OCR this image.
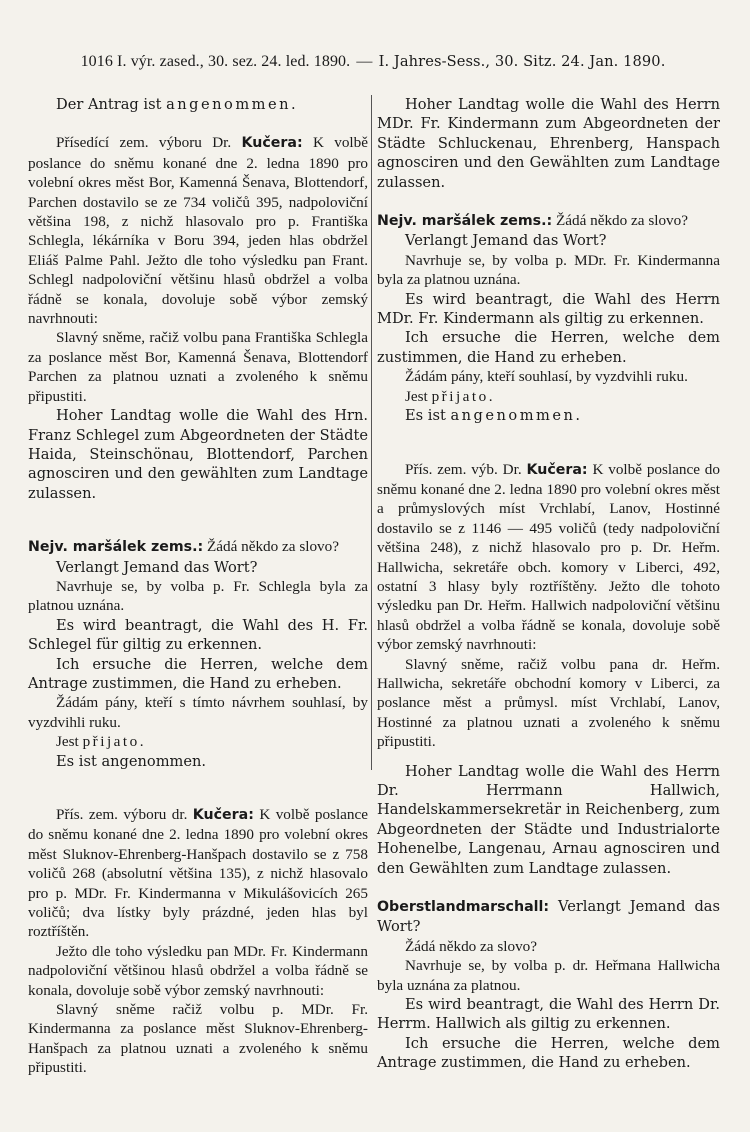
1016 I. výr. zased., 30. sez. 24. led. 1890. — I. Jahres-Sess., 30. Sitz. 24. Jan. 1890.

Der Antrag ist angenommen.

Přísedící zem. výboru Dr. Kučera: K volbě poslance do sněmu konané dne 2. ledna 1890 pro volební okres měst Bor, Kamenná Šenava, Blottendorf, Parchen dostavilo se ze 734 voličů 395, nadpoloviční většina 198, z nichž hlasovalo pro p. Františka Schlegla, lékárníka v Boru 394, jeden hlas obdržel Eliáš Palme Pahl. Ježto dle toho výsledku pan Frant. Schlegl nadpoloviční většinu hlasů obdržel a volba řádně se konala, dovoluje sobě výbor zemský navrhnouti:

Slavný sněme, račiž volbu pana Františka Schlegla za poslance měst Bor, Kamenná Šenava, Blottendorf Parchen za platnou uznati a zvoleného k sněmu připustiti.

Hoher Landtag wolle die Wahl des Hrn. Franz Schlegel zum Abgeordneten der Städte Haida, Steinschönau, Blottendorf, Parchen agnosciren und den gewählten zum Landtage zulassen.

Nejv. maršálek zems.: Žádá někdo za slovo?

Verlangt Jemand das Wort?

Navrhuje se, by volba p. Fr. Schlegla byla za platnou uznána.

Es wird beantragt, die Wahl des H. Fr. Schlegel für giltig zu erkennen.

Ich ersuche die Herren, welche dem Antrage zustimmen, die Hand zu erheben.

Žádám pány, kteří s tímto návrhem souhlasí, by vyzdvihli ruku.

Jest přijato.

Es ist angenommen.

Přís. zem. výboru dr. Kučera: K volbě poslance do sněmu konané dne 2. ledna 1890 pro volební okres měst Sluknov-Ehrenberg-Hanšpach dostavilo se z 758 voličů 268 (absolutní většina 135), z nichž hlasovalo pro p. MDr. Fr. Kindermanna v Mikulášovicích 265 voličů; dva lístky byly prázdné, jeden hlas byl roztříštěn.

Ježto dle toho výsledku pan MDr. Fr. Kindermann nadpoloviční většinou hlasů obdržel a volba řádně se konala, dovoluje sobě výbor zemský navrhnouti:

Slavný sněme račiž volbu p. MDr. Fr. Kindermanna za poslance měst Sluknov-Ehrenberg-Hanšpach za platnou uznati a zvoleného k sněmu připustiti.

Hoher Landtag wolle die Wahl des Herrn MDr. Fr. Kindermann zum Abgeordneten der Städte Schluckenau, Ehrenberg, Hanspach agnosciren und den Gewählten zum Landtage zulassen.

Nejv. maršálek zems.: Žádá někdo za slovo?

Verlangt Jemand das Wort?

Navrhuje se, by volba p. MDr. Fr. Kindermanna byla za platnou uznána.

Es wird beantragt, die Wahl des Herrn MDr. Fr. Kindermann als giltig zu erkennen.

Ich ersuche die Herren, welche dem zustimmen, die Hand zu erheben.

Žádám pány, kteří souhlasí, by vyzdvihli ruku.

Jest přijato.

Es ist angenommen.

Přís. zem. výb. Dr. Kučera: K volbě poslance do sněmu konané dne 2. ledna 1890 pro volební okres měst a průmyslových míst Vrchlabí, Lanov, Hostinné dostavilo se z 1146 — 495 voličů (tedy nadpoloviční většina 248), z nichž hlasovalo pro p. Dr. Heřm. Hallwicha, sekretáře obch. komory v Liberci, 492, ostatní 3 hlasy byly roztříštěny. Ježto dle tohoto výsledku pan Dr. Heřm. Hallwich nadpoloviční většinu hlasů obdržel a volba řádně se konala, dovoluje sobě výbor zemský navrhnouti:

Slavný sněme, račiž volbu pana dr. Heřm. Hallwicha, sekretáře obchodní komory v Liberci, za poslance měst a průmysl. míst Vrchlabí, Lanov, Hostinné za platnou uznati a zvoleného k sněmu připustiti.

Hoher Landtag wolle die Wahl des Herrn Dr. Herrmann Hallwich, Handelskammersekretär in Reichenberg, zum Abgeordneten der Städte und Industrialorte Hohenelbe, Langenau, Arnau agnosciren und den Gewählten zum Landtage zulassen.

Oberstlandmarschall: Verlangt Jemand das Wort?

Žádá někdo za slovo?

Navrhuje se, by volba p. dr. Heřmana Hallwicha byla uznána za platnou.

Es wird beantragt, die Wahl des Herrn Dr. Herrm. Hallwich als giltig zu erkennen.

Ich ersuche die Herren, welche dem Antrage zustimmen, die Hand zu erheben.
